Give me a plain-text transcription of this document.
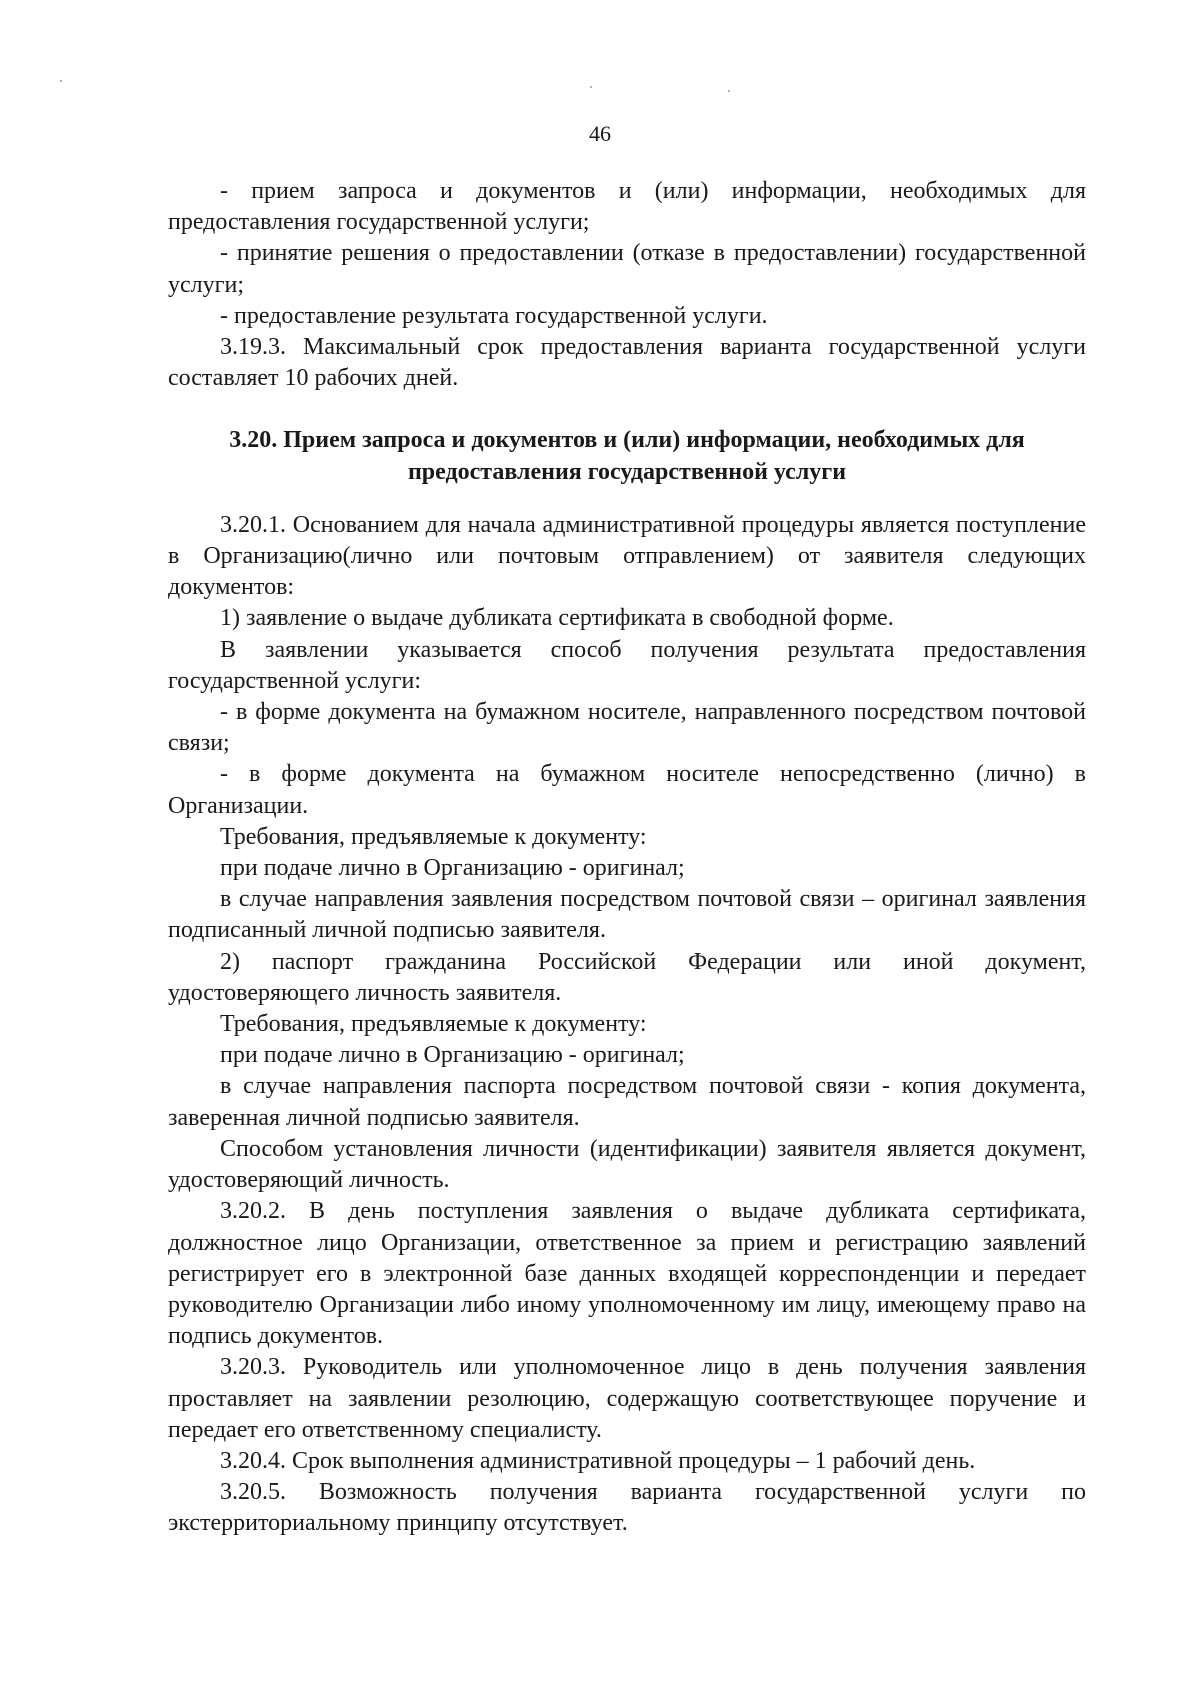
46

- прием запроса и документов и (или) информации, необходимых для предоставления государственной услуги;

- принятие решения о предоставлении (отказе в предоставлении) государственной услуги;

- предоставление результата государственной услуги.

3.19.3. Максимальный срок предоставления варианта государственной услуги составляет 10 рабочих дней.

3.20. Прием запроса и документов и (или) информации, необходимых для предоставления государственной услуги

3.20.1. Основанием для начала административной процедуры является поступление в Организацию(лично или почтовым отправлением) от заявителя следующих документов:

1) заявление о выдаче дубликата сертификата в свободной форме.

В заявлении указывается способ получения результата предоставления государственной услуги:

- в форме документа на бумажном носителе, направленного посредством почтовой связи;

- в форме документа на бумажном носителе непосредственно (лично) в Организации.

Требования, предъявляемые к документу:

при подаче лично в Организацию - оригинал;

в случае направления заявления посредством почтовой связи – оригинал заявления подписанный личной подписью заявителя.

2) паспорт гражданина Российской Федерации или иной документ, удостоверяющего личность заявителя.

Требования, предъявляемые к документу:

при подаче лично в Организацию - оригинал;

в случае направления паспорта посредством почтовой связи - копия документа, заверенная личной подписью заявителя.

Способом установления личности (идентификации) заявителя является документ, удостоверяющий личность.

3.20.2. В день поступления заявления о выдаче дубликата сертификата, должностное лицо Организации, ответственное за прием и регистрацию заявлений регистрирует его в электронной базе данных входящей корреспонденции и передает руководителю Организации либо иному уполномоченному им лицу, имеющему право на подпись документов.

3.20.3. Руководитель или уполномоченное лицо в день получения заявления проставляет на заявлении резолюцию, содержащую соответствующее поручение и передает его ответственному специалисту.

3.20.4. Срок выполнения административной процедуры – 1 рабочий день.

3.20.5. Возможность получения варианта государственной услуги по экстерриториальному принципу отсутствует.
